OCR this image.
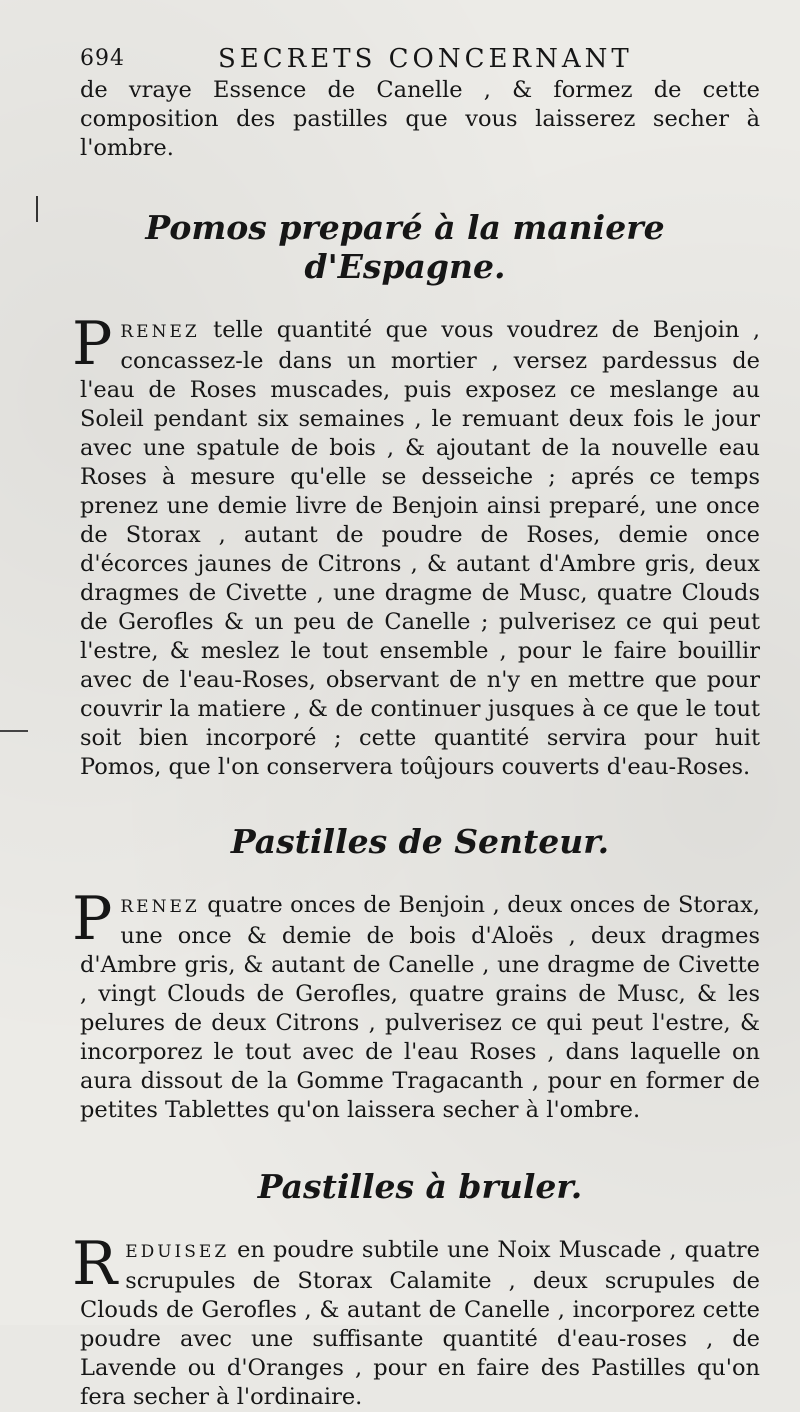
694	SECRETS CONCERNANT

de vraye Essence de Canelle , & formez de cette composition des pastilles que vous laisserez secher à l'ombre.

Pomos preparé à la maniere d'Espagne.

PRENEZ telle quantité que vous voudrez de Benjoin , concassez-le dans un mortier , versez pardessus de l'eau de Roses muscades, puis exposez ce meslange au Soleil pendant six semaines , le remuant deux fois le jour avec une spatule de bois , & ajoutant de la nouvelle eau Roses à mesure qu'elle se desseiche ; aprés ce temps prenez une demie livre de Benjoin ainsi preparé, une once de Storax , autant de poudre de Roses, demie once d'écorces jaunes de Citrons , & autant d'Ambre gris, deux dragmes de Civette , une dragme de Musc, quatre Clouds de Gerofles & un peu de Canelle ; pulverisez ce qui peut l'estre, & meslez le tout ensemble , pour le faire bouillir avec de l'eau-Roses, observant de n'y en mettre que pour couvrir la matiere , & de continuer jusques à ce que le tout soit bien incorporé ; cette quantité servira pour huit Pomos, que l'on conservera toûjours couverts d'eau-Roses.

Pastilles de Senteur.

PRENEZ quatre onces de Benjoin , deux onces de Storax, une once & demie de bois d'Aloës , deux dragmes d'Ambre gris, & autant de Canelle , une dragme de Civette , vingt Clouds de Gerofles, quatre grains de Musc, & les pelures de deux Citrons , pulverisez ce qui peut l'estre, & incorporez le tout avec de l'eau Roses , dans laquelle on aura dissout de la Gomme Tragacanth , pour en former de petites Tablettes qu'on laissera secher à l'ombre.

Pastilles à bruler.

REDUISEZ en poudre subtile une Noix Muscade , quatre scrupules de Storax Calamite , deux scrupules de Clouds de Gerofles , & autant de Canelle , incorporez cette poudre avec une suffisante quantité d'eau-roses , de Lavende ou d'Oranges , pour en faire des Pastilles qu'on fera secher à l'ordinaire.
